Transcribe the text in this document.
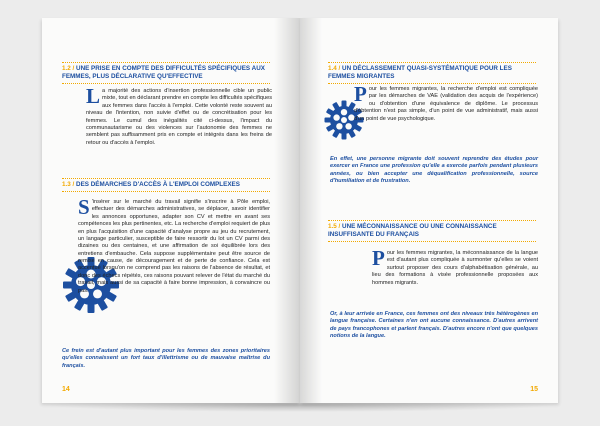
1.2 / UNE PRISE EN COMPTE DES DIFFICULTÉS SPÉCIFIQUES AUX FEMMES, PLUS DÉCLARATIVE QU'EFFECTIVE
La majorité des actions d'insertion professionnelle cible un public mixte, tout en déclarant prendre en compte les difficultés spécifiques aux femmes dans l'accès à l'emploi. Cette volonté reste souvent au niveau de l'intention, non suivie d'effet ou de concrétisation pour les femmes. Le cumul des inégalités cité ci-dessus, l'impact du communautarisme ou des violences sur l'autonomie des femmes ne semblent pas suffisamment pris en compte et intégrés dans les freins de retour ou d'accès à l'emploi.
1.3 / DES DÉMARCHES D'ACCÈS À L'EMPLOI COMPLEXES
S 'insérer sur le marché du travail signifie s'inscrire à Pôle emploi, effectuer des démarches administratives, se déplacer, savoir identifier les annonces opportunes, adapter son CV et mettre en avant ses compétences les plus pertinentes, etc. La recherche d'emploi requiert de plus en plus l'acquisition d'une capacité d'analyse propre au jeu du recrutement, un langage particulier, susceptible de faire ressortir du lot un CV parmi des dizaines ou des centaines, et une affirmation de soi équilibrée lors des entretiens d'embauche. Cela suppose supplémentaire peut être source de remise en cause, de découragement et de perte de confiance. Cela est accentué lorsqu'on ne comprend pas les raisons de l'absence de résultat, et donc des échecs répétés, ces raisons pouvant relever de l'état du marché du travail, mais aussi de sa capacité à faire bonne impression, à convaincre ou pas.
Ce frein est d'autant plus important pour les femmes des zones prioritaires qu'elles connaissent un fort taux d'illettrisme ou de mauvaise maîtrise du français.
14
1.4 / UN DÉCLASSEMENT QUASI-SYSTÉMATIQUE POUR LES FEMMES MIGRANTES
Pour les femmes migrantes, la recherche d'emploi est compliquée par les démarches de VAE (validation des acquis de l'expérience) ou d'obtention d'une équivalence de diplôme. Le processus d'obtention n'est pas simple, d'un point de vue administratif, mais aussi d'un point de vue psychologique.
En effet, une personne migrante doit souvent reprendre des études pour exercer en France une profession qu'elle a exercée parfois pendant plusieurs années, ou bien accepter une déqualification professionnelle, source d'humiliation et de frustration.
1.5 / UNE MÉCONNAISSANCE OU UNE CONNAISSANCE INSUFFISANTE DU FRANÇAIS
Pour les femmes migrantes, la méconnaissance de la langue est d'autant plus compliquée à surmonter qu'elles se voient surtout proposer des cours d'alphabétisation générale, au lieu des formations à visée professionnelle proposées aux hommes migrants.
Or, à leur arrivée en France, ces femmes ont des niveaux très hétérogènes en langue française. Certaines n'en ont aucune connaissance. D'autres arrivent de pays francophones et parlent français. D'autres encore n'ont que quelques notions de la langue.
15
